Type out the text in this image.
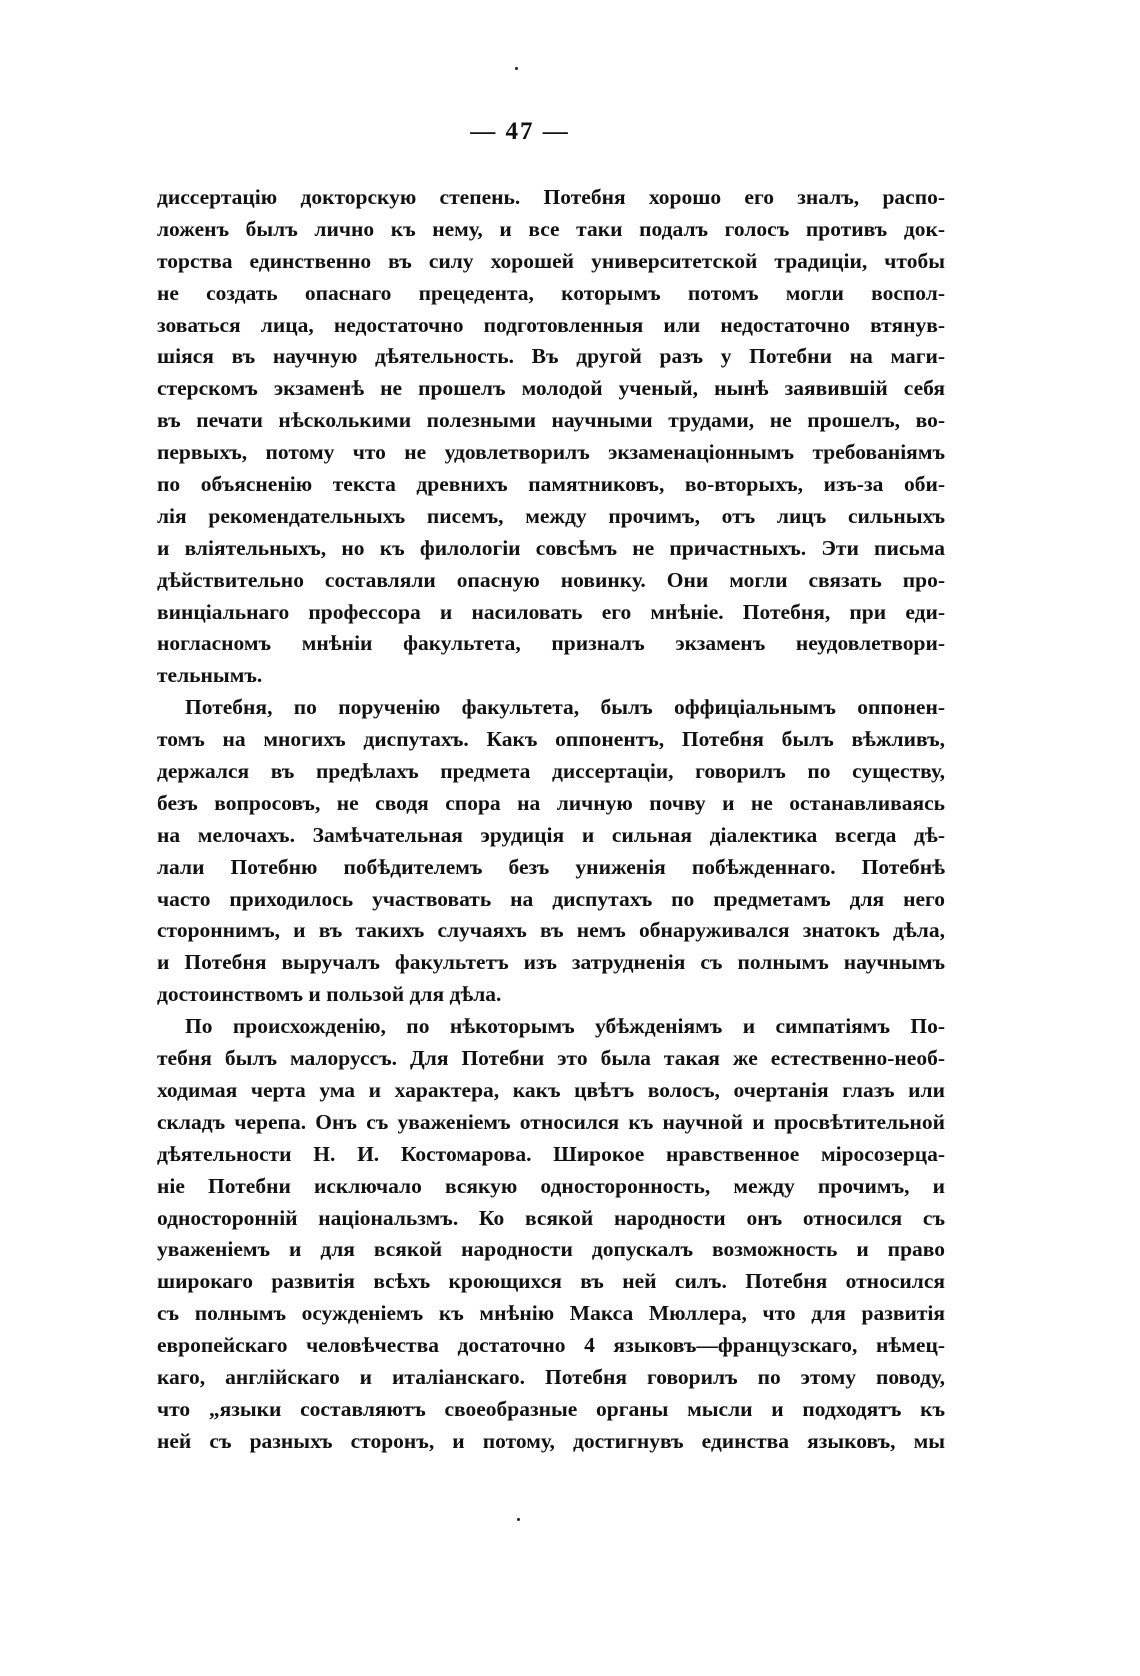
— 47 —
диссертацію докторскую степень. Потебня хорошо его зналъ, распо-
ложенъ былъ лично къ нему, и все таки подалъ голосъ противъ док-
торства единственно въ силу хорошей университетской традиціи, чтобы
не создать опаснаго прецедента, которымъ потомъ могли воспол-
зоваться лица, недостаточно подготовленныя или недостаточно втянув-
шіяся въ научную дѣятельность. Въ другой разъ у Потебни на маги-
стерскомъ экзаменѣ не прошелъ молодой ученый, нынѣ заявившій себя
въ печати нѣсколькими полезными научными трудами, не прошелъ, во-
первыхъ, потому что не удовлетворилъ экзаменаціоннымъ требованіямъ
по объясненію текста древнихъ памятниковъ, во-вторыхъ, изъ-за оби-
лія рекомендательныхъ писемъ, между прочимъ, отъ лицъ сильныхъ
и вліятельныхъ, но къ филологіи совсѣмъ не причастныхъ. Эти письма
дѣйствительно составляли опасную новинку. Они могли связать про-
винціальнаго профессора и насиловать его мнѣніе. Потебня, при еди-
ногласномъ мнѣніи факультета, призналъ экзаменъ неудовлетвори-
тельнымъ.
Потебня, по порученію факультета, былъ оффиціальнымъ оппонен-
томъ на многихъ диспутахъ. Какъ оппонентъ, Потебня былъ вѣжливъ,
держался въ предѣлахъ предмета диссертаціи, говорилъ по существу,
безъ вопросовъ, не сводя спора на личную почву и не останавливаясь
на мелочахъ. Замѣчательная эрудиція и сильная діалектика всегда дѣ-
лали Потебню побѣдителемъ безъ униженія побѣжденнаго. Потебнѣ
часто приходилось участвовать на диспутахъ по предметамъ для него
стороннимъ, и въ такихъ случаяхъ въ немъ обнаруживался знатокъ дѣла,
и Потебня выручалъ факультетъ изъ затрудненія съ полнымъ научнымъ
достоинствомъ и пользой для дѣла.
По происхожденію, по нѣкоторымъ убѣжденіямъ и симпатіямъ По-
тебня былъ малоруссъ. Для Потебни это была такая же естественно-необ-
ходимая черта ума и характера, какъ цвѣтъ волосъ, очертанія глазъ или
складъ черепа. Онъ съ уваженіемъ относился къ научной и просвѣтительной
дѣятельности Н. И. Костомарова. Широкое нравственное міросозерца-
ніе Потебни исключало всякую односторонность, между прочимъ, и
односторонній національзмъ. Ко всякой народности онъ относился съ
уваженіемъ и для всякой народности допускалъ возможность и право
широкаго развитія всѣхъ кроющихся въ ней силъ. Потебня относился
съ полнымъ осужденіемъ къ мнѣнію Макса Мюллера, что для развитія
европейскаго человѣчества достаточно 4 языковъ—французскаго, нѣмец-
каго, англійскаго и италіанскаго. Потебня говорилъ по этому поводу,
что „языки составляютъ своеобразные органы мысли и подходятъ къ
ней съ разныхъ сторонъ, и потому, достигнувъ единства языковъ, мы
